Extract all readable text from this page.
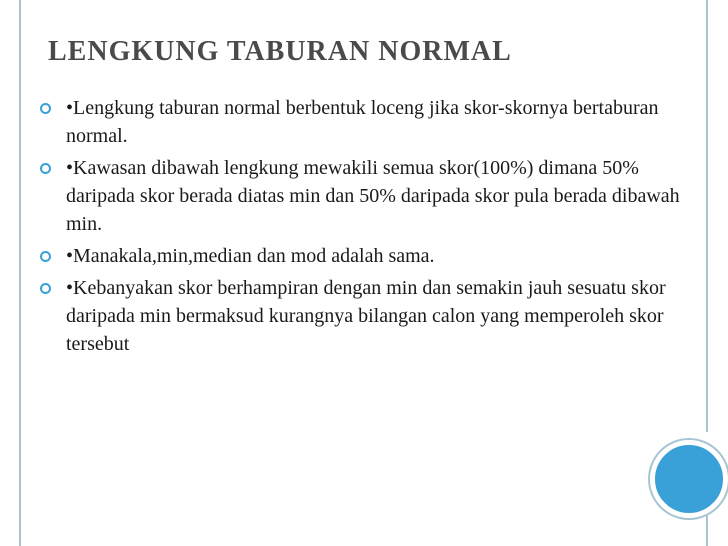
LENGKUNG TABURAN NORMAL
•Lengkung taburan normal berbentuk loceng jika skor-skornya bertaburan normal.
•Kawasan dibawah lengkung mewakili semua skor(100%) dimana 50% daripada skor berada diatas min dan 50% daripada skor pula berada dibawah min.
•Manakala,min,median dan mod adalah sama.
•Kebanyakan skor berhampiran dengan min dan semakin jauh sesuatu skor daripada min bermaksud kurangnya bilangan calon yang memperoleh skor tersebut
